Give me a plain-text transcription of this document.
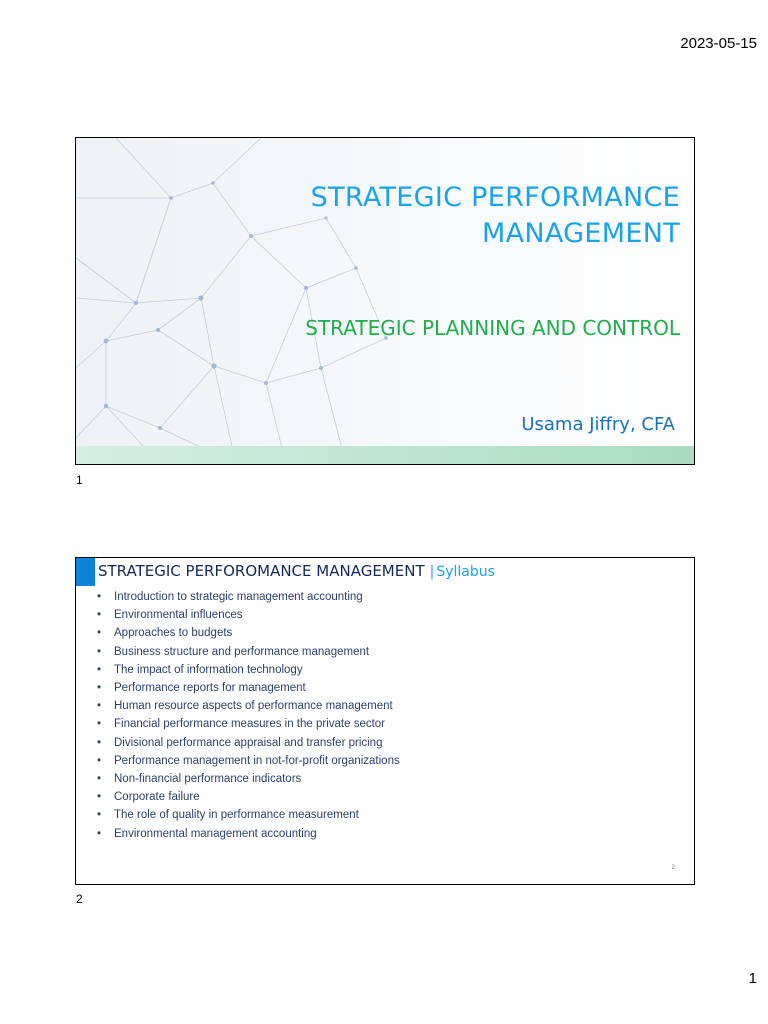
2023-05-15
STRATEGIC PERFORMANCE
MANAGEMENT
STRATEGIC PLANNING AND CONTROL
Usama Jiffry, CFA
1
STRATEGIC PERFOROMANCE MANAGEMENT | Syllabus
• Introduction to strategic management accounting
• Environmental influences
• Approaches to budgets
• Business structure and performance management
• The impact of information technology
• Performance reports for management
• Human resource aspects of performance management
• Financial performance measures in the private sector
• Divisional performance appraisal and transfer pricing
• Performance management in not-for-profit organizations
• Non-financial performance indicators
• Corporate failure
• The role of quality in performance measurement
• Environmental management accounting
2
2
1
